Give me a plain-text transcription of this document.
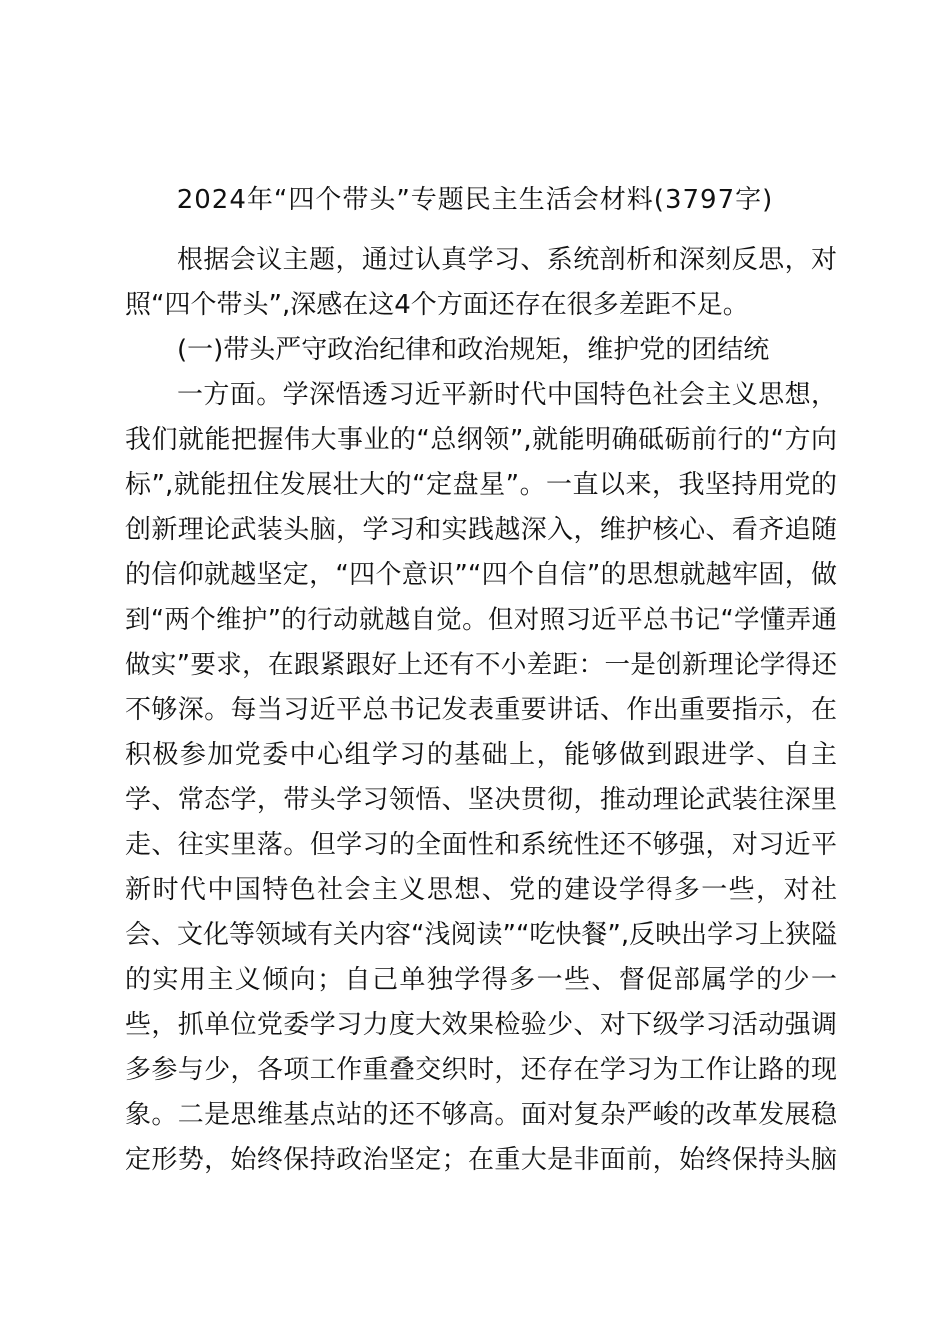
2024年“四个带头”专题民主生活会材料(3797字)
根据会议主题，通过认真学习、系统剖析和深刻反思，对
照“四个带头”,深感在这4个方面还存在很多差距不足。
(一)带头严守政治纪律和政治规矩，维护党的团结统
一方面。学深悟透习近平新时代中国特色社会主义思想，
我们就能把握伟大事业的“总纲领”,就能明确砥砺前行的“方向
标”,就能扭住发展壮大的“定盘星”。一直以来，我坚持用党的
创新理论武装头脑，学习和实践越深入，维护核心、看齐追随
的信仰就越坚定，“四个意识”“四个自信”的思想就越牢固，做
到“两个维护”的行动就越自觉。但对照习近平总书记“学懂弄通
做实”要求，在跟紧跟好上还有不小差距：一是创新理论学得还
不够深。每当习近平总书记发表重要讲话、作出重要指示，在
积极参加党委中心组学习的基础上，能够做到跟进学、自主
学、常态学，带头学习领悟、坚决贯彻，推动理论武装往深里
走、往实里落。但学习的全面性和系统性还不够强，对习近平
新时代中国特色社会主义思想、党的建设学得多一些，对社
会、文化等领域有关内容“浅阅读”“吃快餐”,反映出学习上狭隘
的实用主义倾向；自己单独学得多一些、督促部属学的少一
些，抓单位党委学习力度大效果检验少、对下级学习活动强调
多参与少，各项工作重叠交织时，还存在学习为工作让路的现
象。二是思维基点站的还不够高。面对复杂严峻的改革发展稳
定形势，始终保持政治坚定；在重大是非面前，始终保持头脑
